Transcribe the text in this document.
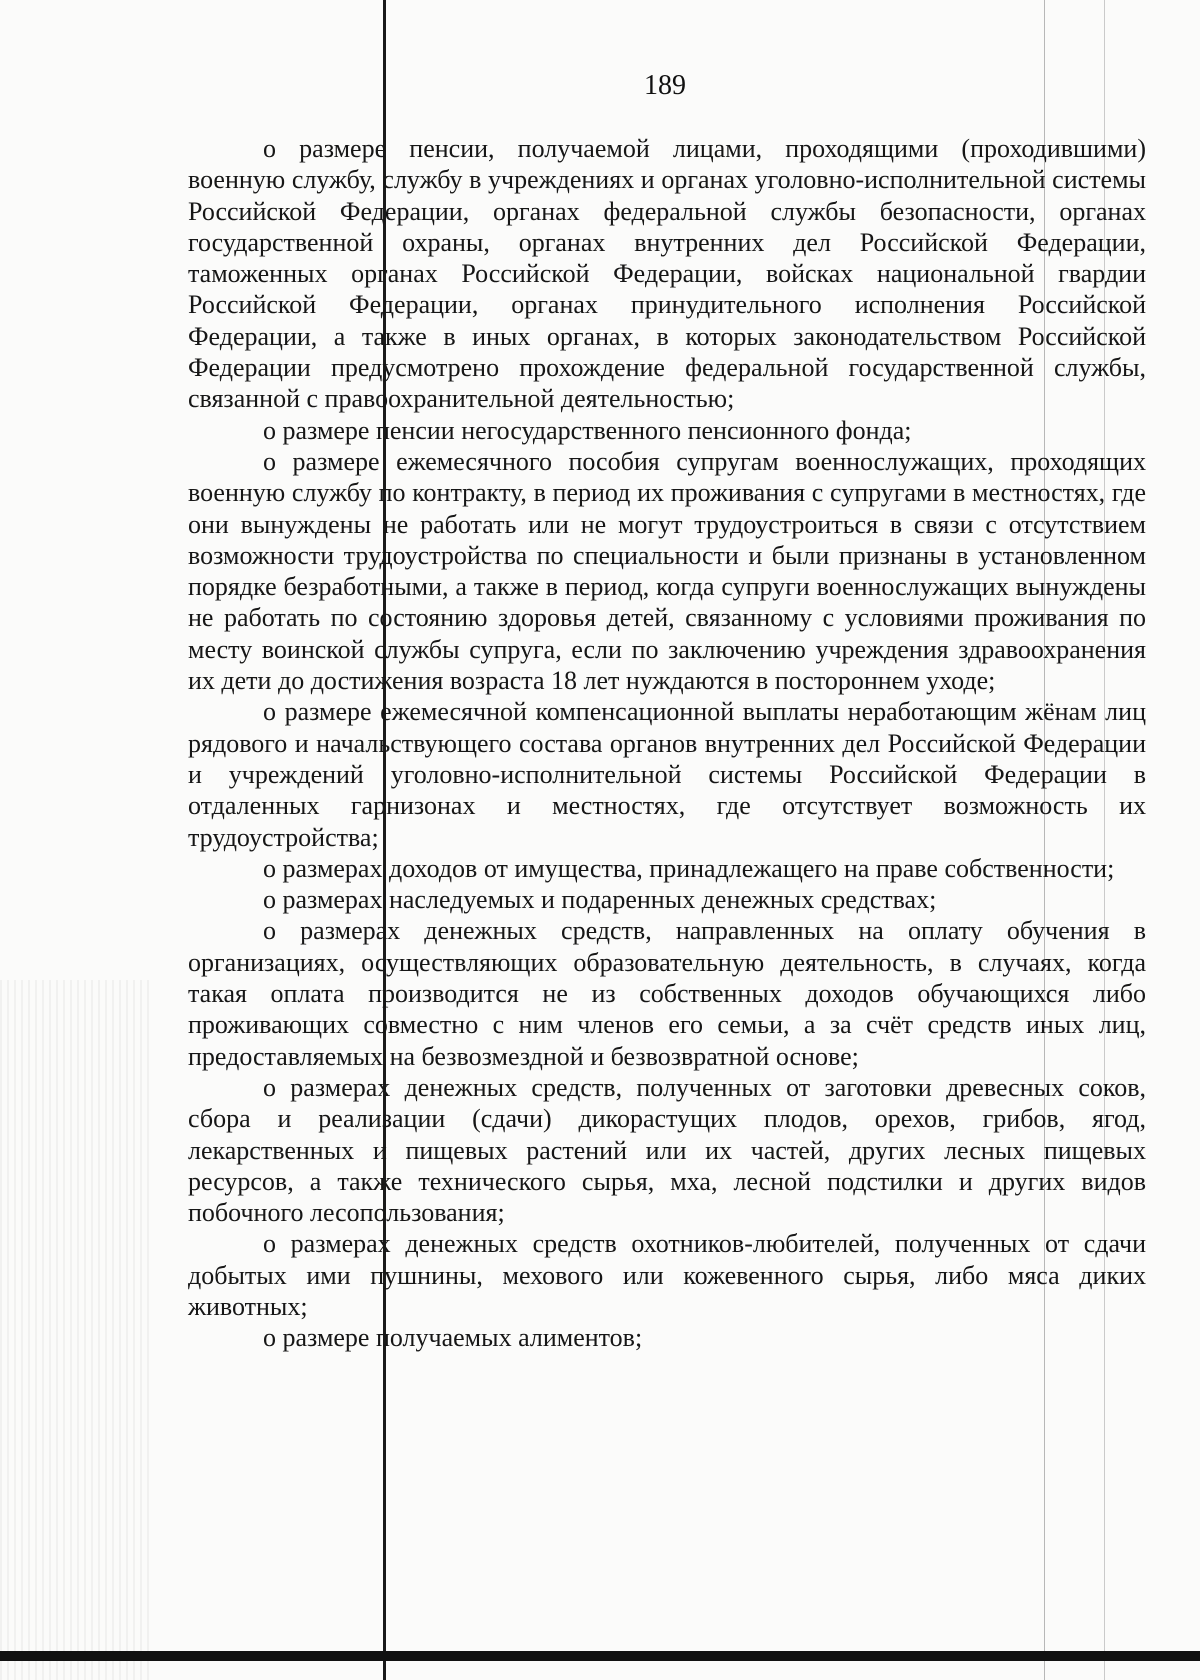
189

о размере пенсии, получаемой лицами, проходящими (проходившими) военную службу, службу в учреждениях и органах уголовно-исполнительной системы Российской Федерации, органах федеральной службы безопасности, органах государственной охраны, органах внутренних дел Российской Федерации, таможенных органах Российской Федерации, войсках национальной гвардии Российской Федерации, органах принудительного исполнения Российской Федерации, а также в иных органах, в которых законодательством Российской Федерации предусмотрено прохождение федеральной государственной службы, связанной с правоохранительной деятельностью;

о размере пенсии негосударственного пенсионного фонда;

о размере ежемесячного пособия супругам военнослужащих, проходящих военную службу по контракту, в период их проживания с супругами в местностях, где они вынуждены не работать или не могут трудоустроиться в связи с отсутствием возможности трудоустройства по специальности и были признаны в установленном порядке безработными, а также в период, когда супруги военнослужащих вынуждены не работать по состоянию здоровья детей, связанному с условиями проживания по месту воинской службы супруга, если по заключению учреждения здравоохранения их дети до достижения возраста 18 лет нуждаются в постороннем уходе;

о размере ежемесячной компенсационной выплаты неработающим жёнам лиц рядового и начальствующего состава органов внутренних дел Российской Федерации и учреждений уголовно-исполнительной системы Российской Федерации в отдаленных гарнизонах и местностях, где отсутствует возможность их трудоустройства;

о размерах доходов от имущества, принадлежащего на праве собственности;

о размерах наследуемых и подаренных денежных средствах;

о размерах денежных средств, направленных на оплату обучения в организациях, осуществляющих образовательную деятельность, в случаях, когда такая оплата производится не из собственных доходов обучающихся либо проживающих совместно с ним членов его семьи, а за счёт средств иных лиц, предоставляемых на безвозмездной и безвозвратной основе;

о размерах денежных средств, полученных от заготовки древесных соков, сбора и реализации (сдачи) дикорастущих плодов, орехов, грибов, ягод, лекарственных и пищевых растений или их частей, других лесных пищевых ресурсов, а также технического сырья, мха, лесной подстилки и других видов побочного лесопользования;

о размерах денежных средств охотников-любителей, полученных от сдачи добытых ими пушнины, мехового или кожевенного сырья, либо мяса диких животных;

о размере получаемых алиментов;
